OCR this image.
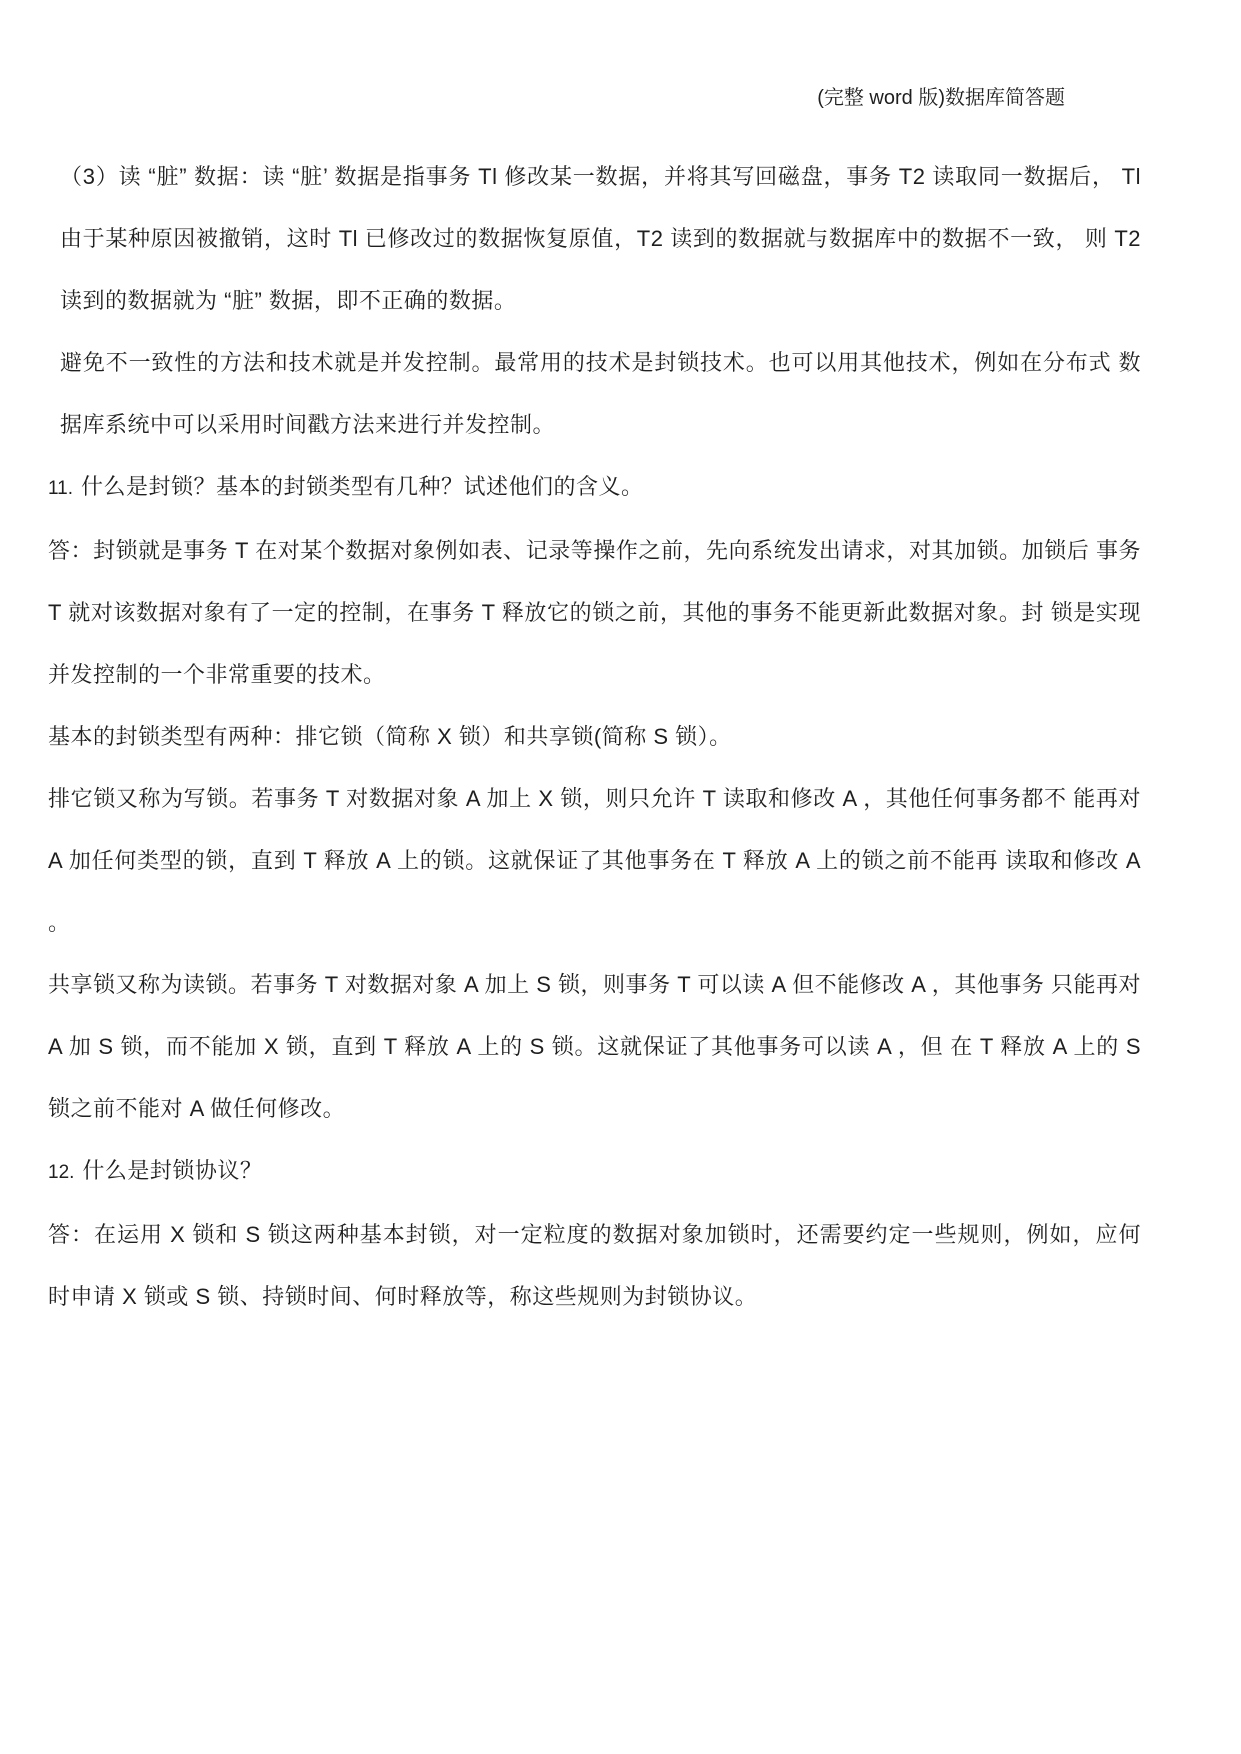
(完整 word 版)数据库简答题

（3）读 “脏” 数据：读 “脏’ 数据是指事务 Tl 修改某一数据，并将其写回磁盘，事务 T2 读取同一数据后， Tl 由于某种原因被撤销，这时 Tl 已修改过的数据恢复原值，T2 读到的数据就与数据库中的数据不一致， 则 T2 读到的数据就为 “脏” 数据，即不正确的数据。

避免不一致性的方法和技术就是并发控制。最常用的技术是封锁技术。也可以用其他技术，例如在分布式 数据库系统中可以采用时间戳方法来进行并发控制。

11. 什么是封锁？基本的封锁类型有几种？试述他们的含义。

答：封锁就是事务 T 在对某个数据对象例如表、记录等操作之前，先向系统发出请求，对其加锁。加锁后 事务 T 就对该数据对象有了一定的控制，在事务 T 释放它的锁之前，其他的事务不能更新此数据对象。封 锁是实现并发控制的一个非常重要的技术。

基本的封锁类型有两种：排它锁（简称 X 锁）和共享锁(简称 S 锁）。

排它锁又称为写锁。若事务 T 对数据对象 A 加上 X 锁，则只允许 T 读取和修改 A ，其他任何事务都不 能再对 A 加任何类型的锁，直到 T 释放 A 上的锁。这就保证了其他事务在 T 释放 A 上的锁之前不能再 读取和修改 A 。

共享锁又称为读锁。若事务 T 对数据对象 A 加上 S 锁，则事务 T 可以读 A 但不能修改 A ，其他事务 只能再对 A 加 S 锁，而不能加 X 锁，直到 T 释放 A 上的 S 锁。这就保证了其他事务可以读 A ，但 在 T 释放 A 上的 S 锁之前不能对 A 做任何修改。

12. 什么是封锁协议？

答：在运用 X 锁和 S 锁这两种基本封锁，对一定粒度的数据对象加锁时，还需要约定一些规则，例如，应何 时申请 X 锁或 S 锁、持锁时间、何时释放等，称这些规则为封锁协议。
